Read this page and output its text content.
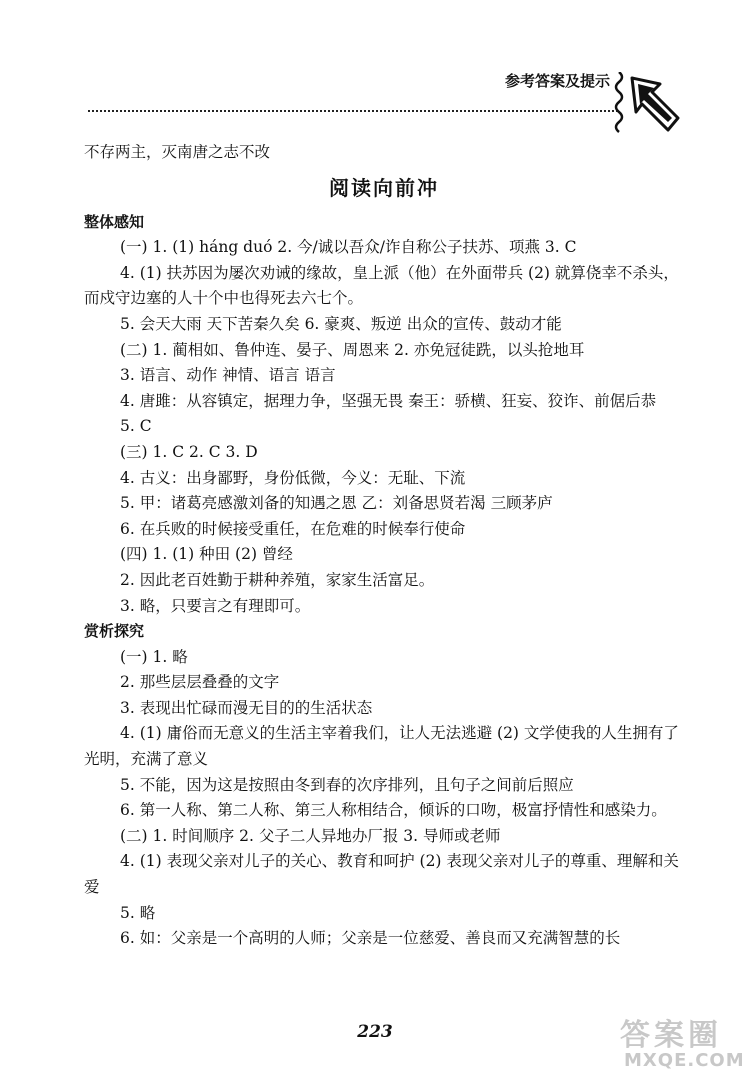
参考答案及提示
不存两主，灭南唐之志不改
阅读向前冲
整体感知
(一) 1. (1) háng duó 2. 今/诚以吾众/诈自称公子扶苏、项燕 3. C
4. (1) 扶苏因为屡次劝诫的缘故，皇上派（他）在外面带兵 (2) 就算侥幸不杀头，而戍守边塞的人十个中也得死去六七个。
5. 会天大雨 天下苦秦久矣 6. 豪爽、叛逆 出众的宣传、鼓动才能
(二) 1. 蔺相如、鲁仲连、晏子、周恩来 2. 亦免冠徒跣，以头抢地耳
3. 语言、动作 神情、语言 语言
4. 唐雎：从容镇定，据理力争，坚强无畏 秦王：骄横、狂妄、狡诈、前倨后恭
5. C
(三) 1. C 2. C 3. D
4. 古义：出身鄙野，身份低微，今义：无耻、下流
5. 甲：诸葛亮感激刘备的知遇之恩 乙：刘备思贤若渴 三顾茅庐
6. 在兵败的时候接受重任，在危难的时候奉行使命
(四) 1. (1) 种田 (2) 曾经
2. 因此老百姓勤于耕种养殖，家家生活富足。
3. 略，只要言之有理即可。
赏析探究
(一) 1. 略
2. 那些层层叠叠的文字
3. 表现出忙碌而漫无目的的生活状态
4. (1) 庸俗而无意义的生活主宰着我们，让人无法逃避 (2) 文学使我的人生拥有了光明，充满了意义
5. 不能，因为这是按照由冬到春的次序排列，且句子之间前后照应
6. 第一人称、第二人称、第三人称相结合，倾诉的口吻，极富抒情性和感染力。
(二) 1. 时间顺序 2. 父子二人异地办厂报 3. 导师或老师
4. (1) 表现父亲对儿子的关心、教育和呵护 (2) 表现父亲对儿子的尊重、理解和关爱
5. 略
6. 如：父亲是一个高明的人师；父亲是一位慈爱、善良而又充满智慧的长
223	答案圈
MXQE.COM
